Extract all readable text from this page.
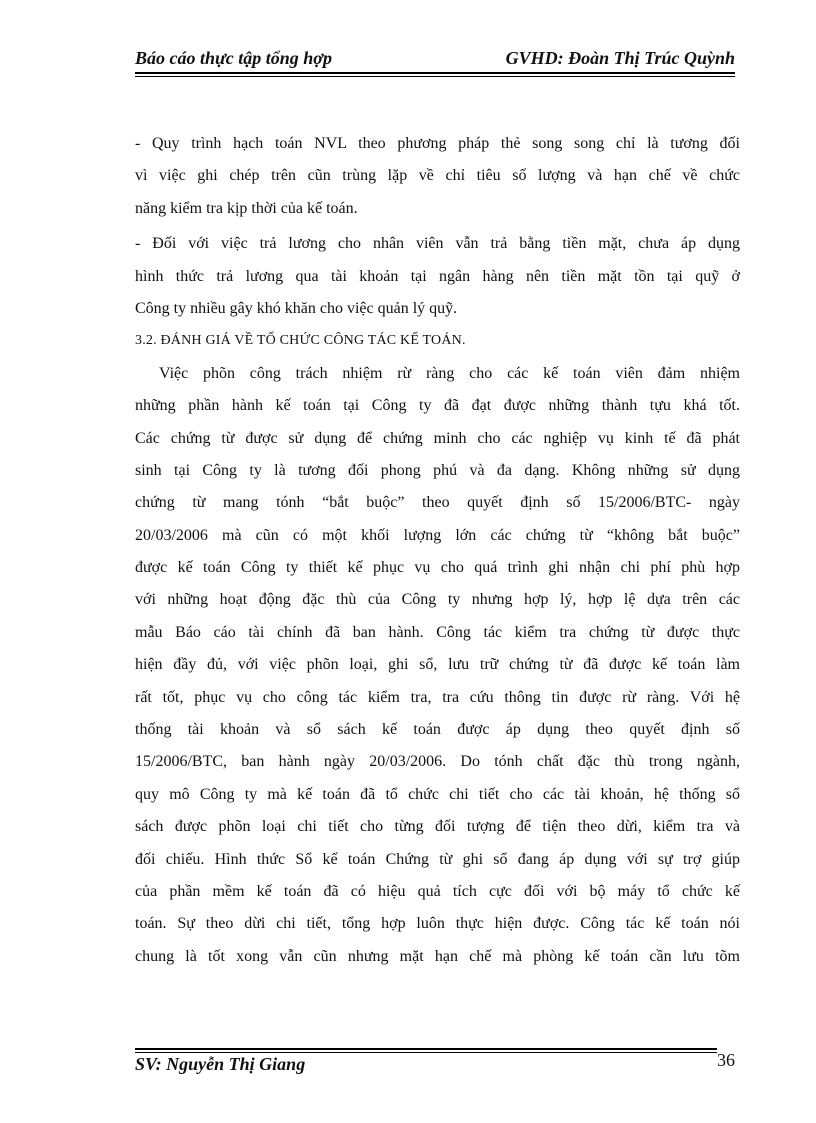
Báo cáo thực tập tổng hợp	GVHD: Đoàn Thị Trúc Quỳnh
- Quy trình hạch toán NVL theo phương pháp thẻ song song chỉ là tương đối
vì việc ghi chép trên cũn trùng lặp về chỉ tiêu số lượng và hạn chế về chức
năng kiểm tra kịp thời của kế toán.
- Đối với việc trả lương cho nhân viên vẫn trả bằng tiền mặt, chưa áp dụng
hình thức trả lương qua tài khoản tại ngân hàng nên tiền mặt tồn tại quỹ ở
Công ty nhiều gây khó khăn cho việc quản lý quỹ.
3.2. ĐÁNH GIÁ VỀ TỔ CHỨC CÔNG TÁC KẾ TOÁN.
Việc phõn công trách nhiệm rừ ràng cho các kế toán viên đảm nhiệm
những phần hành kế toán tại Công ty đã đạt được những thành tựu khá tốt.
Các chứng từ được sử dụng để chứng minh cho các nghiệp vụ kinh tế đã phát
sinh tại Công ty là tương đối phong phú và đa dạng. Không những sử dụng
chứng từ mang tónh “bắt buộc” theo quyết định số 15/2006/BTC- ngày
20/03/2006 mà cũn có một khối lượng lớn các chứng từ “không bắt buộc”
được kế toán Công ty thiết kế phục vụ cho quá trình ghi nhận chi phí phù hợp
với những hoạt động đặc thù của Công ty nhưng hợp lý, hợp lệ dựa trên các
mẫu Báo cáo tài chính đã ban hành. Công tác kiểm tra chứng từ được thực
hiện đầy đủ, với việc phõn loại, ghi sổ, lưu trữ chứng từ đã được kế toán làm
rất tốt, phục vụ cho công tác kiểm tra, tra cứu thông tin được rừ ràng. Với hệ
thống tài khoản và sổ sách kế toán được áp dụng theo quyết định số
15/2006/BTC, ban hành ngày 20/03/2006. Do tónh chất đặc thù trong ngành,
quy mô Công ty mà kế toán đã tổ chức chi tiết cho các tài khoản, hệ thống sổ
sách được phõn loại chi tiết cho từng đối tượng để tiện theo dừi, kiểm tra và
đối chiếu. Hình thức Sổ kế toán Chứng từ ghi sổ đang áp dụng với sự trợ giúp
của phần mềm kế toán đã có hiệu quả tích cực đối với bộ máy tổ chức kế
toán. Sự theo dừi chi tiết, tổng hợp luôn thực hiện được. Công tác kế toán nói
chung là tốt xong vẫn cũn nhưng mặt hạn chế mà phòng kế toán cần lưu tõm
SV: Nguyễn Thị Giang	36
